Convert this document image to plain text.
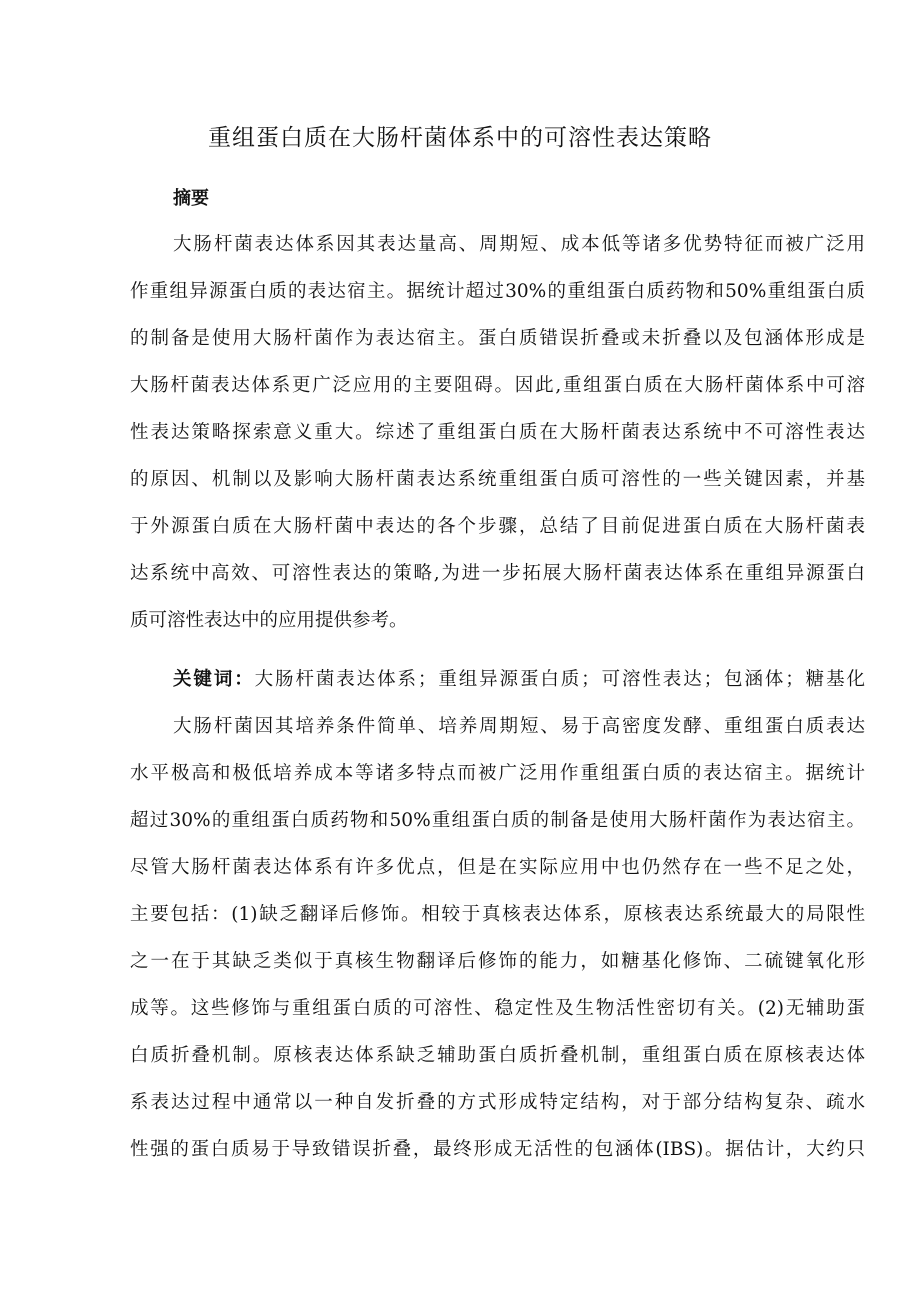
重组蛋白质在大肠杆菌体系中的可溶性表达策略
摘要
大肠杆菌表达体系因其表达量高、周期短、成本低等诸多优势特征而被广泛用
作重组异源蛋白质的表达宿主。据统计超过30%的重组蛋白质药物和50%重组蛋白质
的制备是使用大肠杆菌作为表达宿主。蛋白质错误折叠或未折叠以及包涵体形成是
大肠杆菌表达体系更广泛应用的主要阻碍。因此,重组蛋白质在大肠杆菌体系中可溶
性表达策略探索意义重大。综述了重组蛋白质在大肠杆菌表达系统中不可溶性表达
的原因、机制以及影响大肠杆菌表达系统重组蛋白质可溶性的一些关键因素，并基
于外源蛋白质在大肠杆菌中表达的各个步骤，总结了目前促进蛋白质在大肠杆菌表
达系统中高效、可溶性表达的策略,为进一步拓展大肠杆菌表达体系在重组异源蛋白
质可溶性表达中的应用提供参考。
关键词：大肠杆菌表达体系；重组异源蛋白质；可溶性表达；包涵体；糖基化
大肠杆菌因其培养条件简单、培养周期短、易于高密度发酵、重组蛋白质表达
水平极高和极低培养成本等诸多特点而被广泛用作重组蛋白质的表达宿主。据统计
超过30%的重组蛋白质药物和50%重组蛋白质的制备是使用大肠杆菌作为表达宿主。
尽管大肠杆菌表达体系有许多优点，但是在实际应用中也仍然存在一些不足之处，
主要包括：(1)缺乏翻译后修饰。相较于真核表达体系，原核表达系统最大的局限性
之一在于其缺乏类似于真核生物翻译后修饰的能力，如糖基化修饰、二硫键氧化形
成等。这些修饰与重组蛋白质的可溶性、稳定性及生物活性密切有关。(2)无辅助蛋
白质折叠机制。原核表达体系缺乏辅助蛋白质折叠机制，重组蛋白质在原核表达体
系表达过程中通常以一种自发折叠的方式形成特定结构，对于部分结构复杂、疏水
性强的蛋白质易于导致错误折叠，最终形成无活性的包涵体(IBS)。据估计，大约只
